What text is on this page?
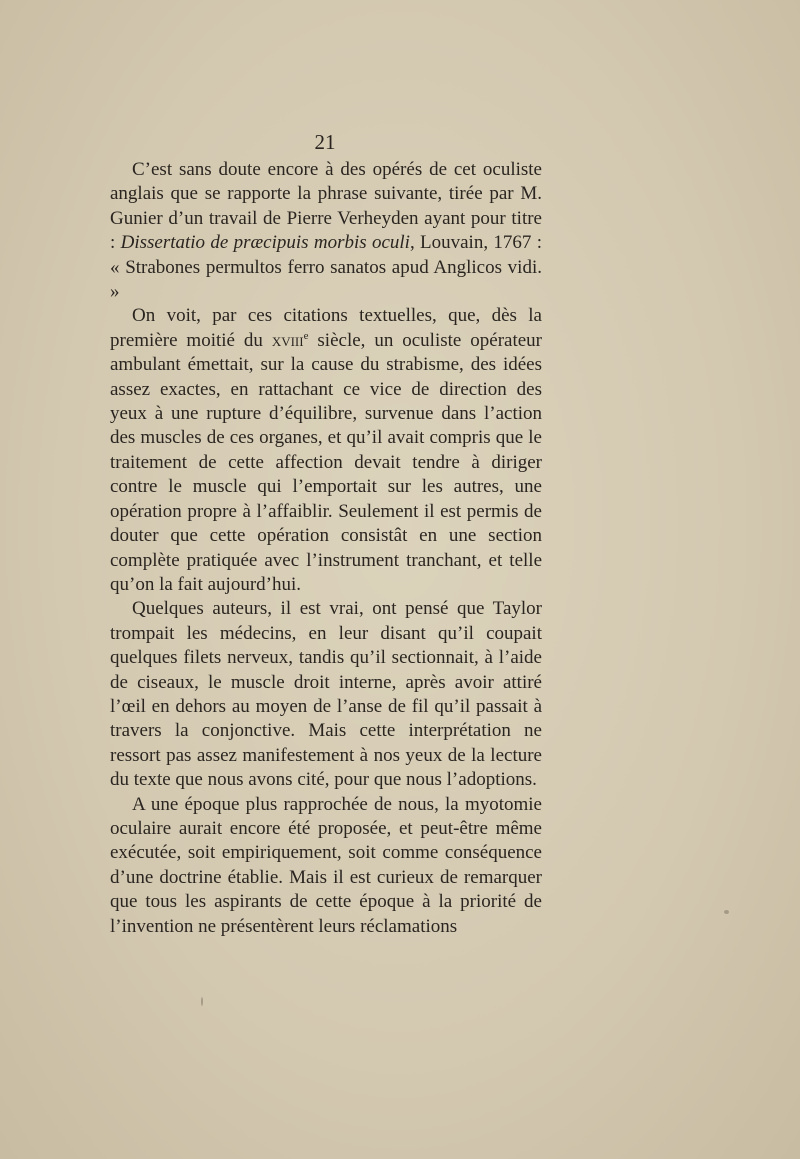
21

C’est sans doute encore à des opérés de cet oculiste anglais que se rapporte la phrase suivante, tirée par M. Gunier d’un travail de Pierre Verheyden ayant pour titre : Dissertatio de præcipuis morbis oculi, Louvain, 1767 : « Strabones permultos ferro sanatos apud Anglicos vidi. »

On voit, par ces citations textuelles, que, dès la première moitié du xviii$^e$ siècle, un oculiste opérateur ambulant émettait, sur la cause du strabisme, des idées assez exactes, en rattachant ce vice de direction des yeux à une rupture d’équilibre, survenue dans l’action des muscles de ces organes, et qu’il avait compris que le traitement de cette affection devait tendre à diriger contre le muscle qui l’emportait sur les autres, une opération propre à l’affaiblir. Seulement il est permis de douter que cette opération consistât en une section complète pratiquée avec l’instrument tranchant, et telle qu’on la fait aujourd’hui.

Quelques auteurs, il est vrai, ont pensé que Taylor trompait les médecins, en leur disant qu’il coupait quelques filets nerveux, tandis qu’il sectionnait, à l’aide de ciseaux, le muscle droit interne, après avoir attiré l’œil en dehors au moyen de l’anse de fil qu’il passait à travers la conjonctive. Mais cette interprétation ne ressort pas assez manifestement à nos yeux de la lecture du texte que nous avons cité, pour que nous l’adoptions.

A une époque plus rapprochée de nous, la myotomie oculaire aurait encore été proposée, et peut-être même exécutée, soit empiriquement, soit comme conséquence d’une doctrine établie. Mais il est curieux de remarquer que tous les aspirants de cette époque à la priorité de l’invention ne présentèrent leurs réclamations
